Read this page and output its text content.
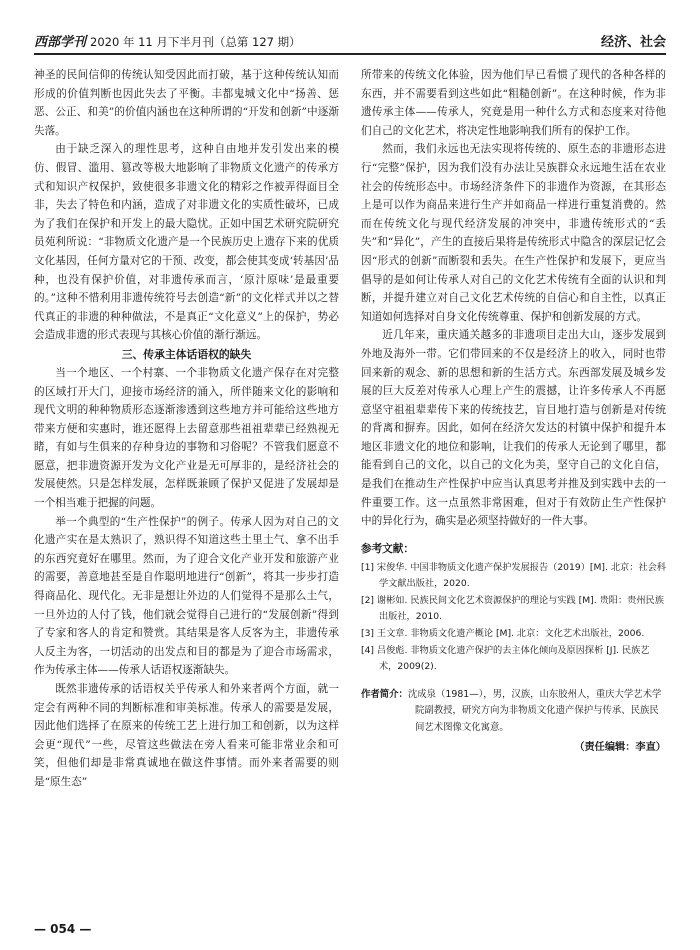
西部学刊 2020 年 11 月下半月刊（总第 127 期）	经济、社会

神圣的民间信仰的传统认知受因此而打破，基于这种传统认知而形成的价值判断也因此失去了平衡。丰都鬼城文化中“扬善、惩恶、公正、和美”的价值内涵也在这种所谓的“开发和创新”中逐渐失落。

由于缺乏深入的理性思考，这种自由地并发引发出来的模仿、假冒、滥用、篡改等极大地影响了非物质文化遗产的传承方式和知识产权保护，致使很多非遗文化的精彩之作被弄得面目全非，失去了特色和内涵，造成了对非遗文化的实质性破坏，已成为了我们在保护和开发上的最大隐忧。正如中国艺术研究院研究员苑利所说：“非物质文化遗产是一个民族历史上遗存下来的优质文化基因，任何方量对它的干预、改变，都会使其变成‘转基因’品种，也没有保护价值，对非遗传承而言，‘原汁原味’是最重要的。”这种不惜利用非遗传统符号去创造“新”的文化样式并以之替代真正的非遗的种种做法，不是真正“文化意义”上的保护，势必会造成非遗的形式表现与其核心价值的渐行渐远。

三、传承主体话语权的缺失

当一个地区、一个村寨、一个非物质文化遗产保存在对完整的区域打开大门，迎接市场经济的涌入，所伴随来文化的影响和现代文明的种种物质形态逐渐渗透到这些地方并可能给这些地方带来方便和实惠时，谁还愿得上去留意那些祖祖辈辈已经熟视无睹，有如与生俱来的存种身边的事物和习俗呢？不管我们愿意不愿意，把非遗资源开发为文化产业是无可厚非的，是经济社会的发展使然。只是怎样发展，怎样既兼顾了保护又促进了发展却是一个相当难于把握的问题。

举一个典型的“生产性保护”的例子。传承人因为对自己的文化遗产实在是太熟识了，熟识得不知道这些土里土气、拿不出手的东西究竟好在哪里。然而，为了迎合文化产业开发和旅游产业的需要，善意地甚至是自作聪明地进行“创新”，将其一步步打造得商品化、现代化。无非是想让外边的人们觉得不是那么土气，一旦外边的人付了钱，他们就会觉得自己进行的“发展创新”得到了专家和客人的肯定和赞赏。其结果是客人反客为主，非遗传承人反主为客，一切活动的出发点和目的都是为了迎合市场需求，作为传承主体——传承人话语权逐渐缺失。

既然非遗传承的话语权关乎传承人和外来者两个方面，就一定会有两种不同的判断标准和审美标准。传承人的需要是发展，因此他们选择了在原来的传统工艺上进行加工和创新，以为这样会更“现代”一些，尽管这些做法在旁人看来可能非常业余和可笑，但他们却是非常真诚地在做这件事情。而外来者需要的则是“原生态”

所带来的传统文化体验，因为他们早已看惯了现代的各种各样的东西，并不需要看到这些如此“粗糙创新”。在这种时候，作为非遗传承主体——传承人，究竟是用一种什么方式和态度来对待他们自己的文化艺术，将决定性地影响我们所有的保护工作。

然而，我们永远也无法实现将传统的、原生态的非遗形态进行“完整”保护，因为我们没有办法让吴族群众永远地生活在农业社会的传统形态中。市场经济条件下的非遗作为资源，在其形态上是可以作为商品来进行生产并如商品一样进行重复消费的。然而在传统文化与现代经济发展的冲突中，非遗传统形式的“丢失”和“异化”，产生的直接后果将是传统形式中隐含的深层记忆会因“形式的创新”而断裂和丢失。在生产性保护和发展下，更应当倡导的是如何让传承人对自己的文化艺术传统有全面的认识和判断，并提升建立对自己文化艺术传统的自信心和自主性，以真正知道如何选择对自身文化传统尊重、保护和创新发展的方式。

近几年来，重庆通关越多的非遗项目走出大山，逐步发展到外地及海外一带。它们带回来的不仅是经济上的收入，同时也带回来新的观念、新的思想和新的生活方式。东西部发展及城乡发展的巨大反差对传承人心理上产生的震撼，让许多传承人不再愿意坚守祖祖辈辈传下来的传统技艺，盲目地打造与创新是对传统的背离和摒弃。因此，如何在经济欠发达的村镇中保护和提升本地区非遗文化的地位和影响，让我们的传承人无论到了哪里，都能看到自己的文化，以自己的文化为美，坚守自己的文化自信，是我们在推动生产性保护中应当认真思考并推及到实践中去的一件重要工作。这一点虽然非常困难，但对于有效防止生产性保护中的异化行为，确实是必须坚持做好的一件大事。

参考文献：

[1] 宋俊华. 中国非物质文化遗产保护发展报告（2019）[M]. 北京：社会科学文献出版社，2020.

[2] 谢彬如. 民族民间文化艺术资源保护的理论与实践 [M]. 贵阳：贵州民族出版社，2010.

[3] 王文章. 非物质文化遗产概论 [M]. 北京：文化艺术出版社，2006.

[4] 吕俊彪. 非物质文化遗产保护的去主体化倾向及原因探析 [J]. 民族艺术，2009(2).

作者简介：沈成泉（1981—），男，汉族，山东胶州人，重庆大学艺术学院副教授，研究方向为非物质文化遗产保护与传承、民族民间艺术图像文化寓意。
（责任编辑：李直）
— 054 —
